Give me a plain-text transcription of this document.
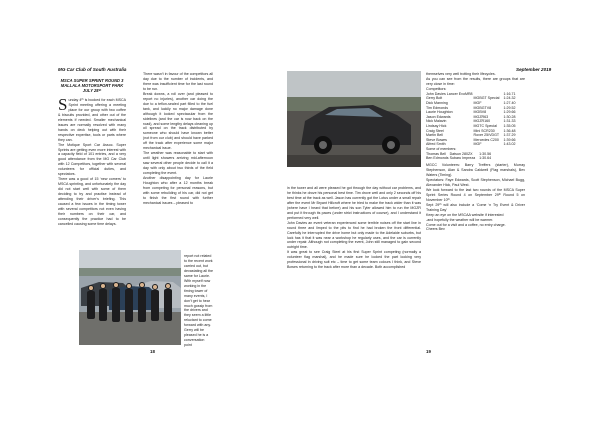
MG Car Club of South Australia
MSCA SUPER SPRINT ROUND 3
MALLALA MOTORSPORT PARK
JULY 28ᵗʰ

Sunday 4ᵗʰ is booked for each MSCA Sprint meeting offering a meeting place for our group with two coffee & biscuits provided, and other out of the elements if needed. Smaller mechanical issues are normally resolved with many hands on deck helping out with their respective expertise, tools or parts where they can.

The Motique Sport Car Assoc. Super Sprints are getting even more interest with a capacity field of 101 entries, and a very good attendance from the MG Car Club with 12 Competitors, together with several volunteers for official duties, and spectators.

There was a good of 15 ‘new comers’ to MSCA sprinting, and unfortunately the day did not start well with some of them deciding to try and practise instead of attending their driver’s briefing. This caused a few issues in the timing tower with several competitors not even having their numbers on their car, and consequently the practice had to be cancelled causing some time delays.

There wasn’t in favour of the competitors all day due to the number of incidents, and there was insufficient time for the last round to be run.

Break downs, a roll over (and pleased to report no injuries), another car doing the due to a teflon-sealed part filled to the fuel tank, and luckily no major damage done although it looked spectacular from the sidelines (and the car is now back on the road), and some lengthy delays cleaning up oil spread on the track distributed by someone who should have known better (not from our club) and should have parked off the track after experience some major mechanical issue.

The weather was reasonable to start with until light showers arriving mid-afternoon saw several other people decide to call it a day with only about two thirds of the field completing the event.

Another disappointing day for Laurie Houghton who after a 12 months break from competing for personal reasons, but with some rebuilding of his car, did not get to finish the first round with further mechanical issues – pleased to

report not related to the recent work carried out, but devastating all the same for Laurie.

With myself now working in the timing tower of many events, I don’t get to hear much gossip from the drivers and they seem a little reluctant to come forward with any.

Gerry will be pleased he is a conversation point

18
September 2019

in the tower and all were pleased he got through the day without car problems, and he thinks he drove his personal best time. Tim drove well and only 2 seconds off his best time at the track as well. Jason has currently got the Lotus under a small repair after the event Mr Bryant Hillcroft where he tried to make the track wider than it was (where have I heard that before) and his son Tyler allowed him to run the MGZR and put it through its paces (under strict instructions of course), and I understand it performed very well.

John Davies an event veteran experienced some terrible noises off the start line in round three and limped to the pits to find he had broken the front differential. Carefully he interrupted the drive home but only made to the Adelaide suburbs, but luck has it that it was near a workshop he regularly uses, and the car is currently under repair. Although not completing the event, John still managed to gain second outright time.

It was great to see Craig Steel at his first Super Sprint competing (normally a volunteer flag marshal), and he made sure he looked the part looking very professional in driving suit etc – time to get some team colours I think, and Steve Bowes returning to the track after more than a decade. Both accomplished

themselves very well trotting their lifecycles.

As you can see from the results, there are groups that are very close in time:

Competitors:

John Davies Lancer EvoMR8		1:16.71
Gerry Bolt	MGBGT Special	1:24.32
Dick Manning	MGF	1:27.40
Tim Edmonds	MGBGTV8	1:29.52
Laurie Houghton	MGBV8	1:29.66
Jason Edwards	MGZR63	1:30.28
Nick Malavin	MGZR160	1:31.33
Lindsay Hick	MGTC Special	1:35.05
Craig Steel	Mini SCR230	1:36.48
Martin Bell	Rover 25/VDGT	1:37.29
Steve Bowes	Mercedes C200	1:39.66
Alfred Smith	MGF	1:43.02

Some of members:

Thomas Bell	Datsun 280ZX	1:30.56
Ben Edmonds	Subaru Impreza	1:30.64

MGCC Volunteers: Barry Treffers (starter), Murray Stephenson, Alan & Sandra Caldwell (Flag marshals), Bev Waters (Timing).

Spectators: Faye Edwards, Scott Stephenson, Michael Bugg, Alexander Hick, Paul West.

We look forward to the last two rounds of the MSCA Super Sprint Series Round 4 on September 29ᵗʰ Round 5 on November 10ᵗʰ.

Sept 29ᵗʰ will also include a ‘Come ‘n Try Event & Driver Training Day’

Keep an eye on the MSCAA website if interested

-and hopefully the weather will be warmer.

Come out for a visit and a coffee, no entry charge.

Cheers Bev

19
